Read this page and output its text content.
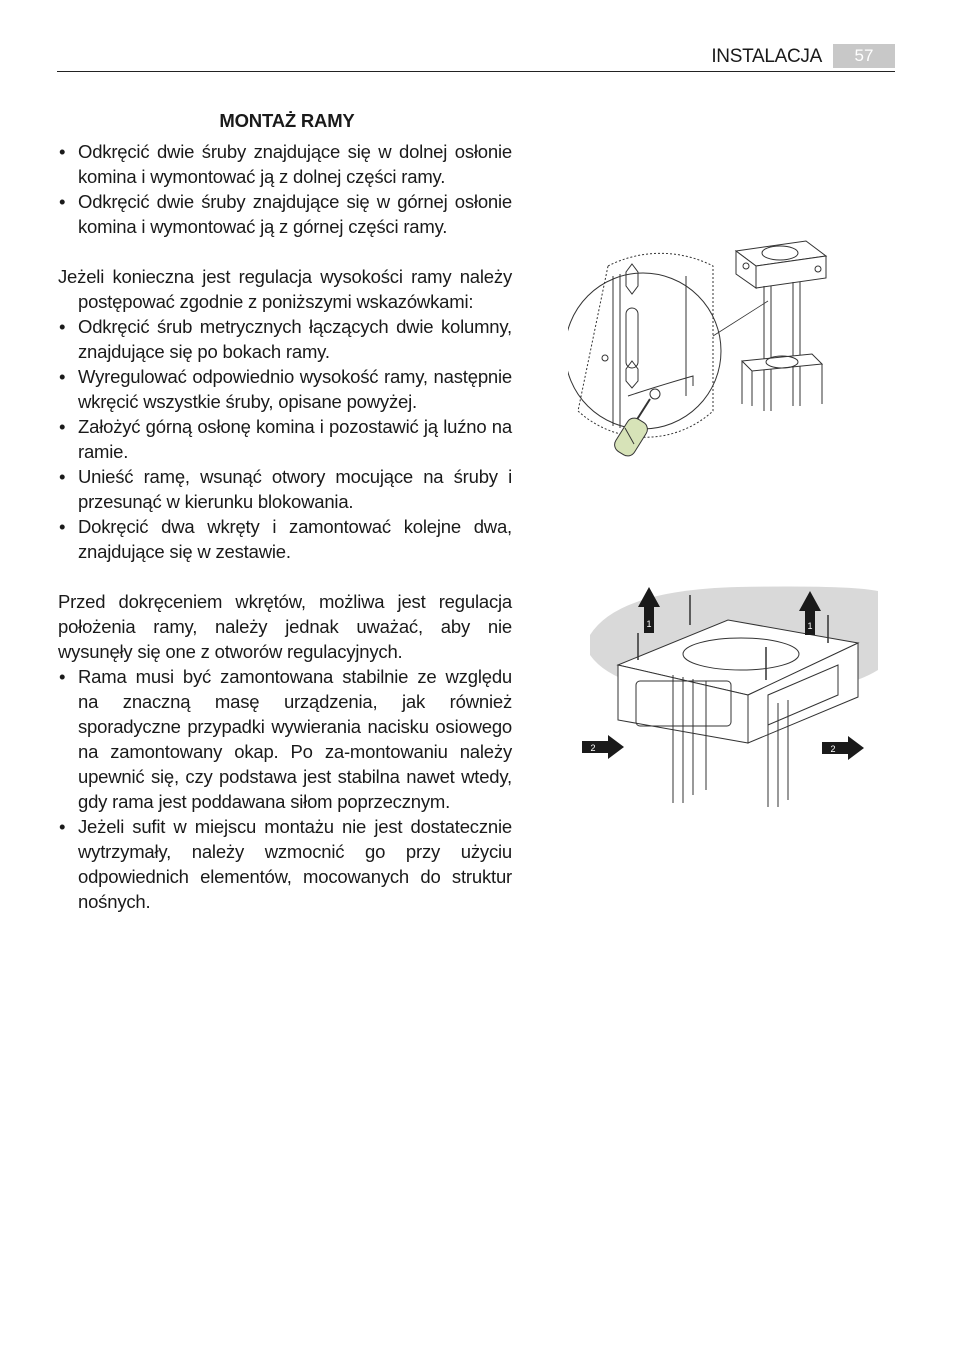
INSTALACJA	57
MONTAŻ RAMY
• Odkręcić dwie śruby znajdujące się w dolnej osłonie komina i wymontować ją z dolnej części ramy.
• Odkręcić dwie śruby znajdujące się w górnej osłonie komina i wymontować ją z górnej części ramy.

Jeżeli konieczna jest regulacja wysokości ramy należy postępować zgodnie z poniższymi wskazówkami:

• Odkręcić śrub metrycznych łączących dwie kolumny, znajdujące się po bokach ramy.
• Wyregulować odpowiednio wysokość ramy, następnie wkręcić wszystkie śruby, opisane powyżej.
• Założyć górną osłonę komina i pozostawić ją luźno na ramie.
• Unieść ramę, wsunąć otwory mocujące na śruby i przesunąć w kierunku blokowania.
• Dokręcić dwa wkręty i zamontować kolejne dwa, znajdujące się w zestawie.

Przed dokręceniem wkrętów, możliwa jest regulacja położenia ramy, należy jednak uważać, aby nie wysunęły się one z otworów regulacyjnych.

• Rama musi być zamontowana stabilnie ze względu na znaczną masę urządzenia, jak również sporadyczne przypadki wywierania nacisku osiowego na zamontowany okap. Po za-montowaniu należy upewnić się, czy podstawa jest stabilna nawet wtedy, gdy rama jest poddawana siłom poprzecznym.
• Jeżeli sufit w miejscu montażu nie jest dostatecznie wytrzymały, należy wzmocnić go przy użyciu odpowiednich elementów, mocowanych do struktur nośnych.
1	1
2	2
